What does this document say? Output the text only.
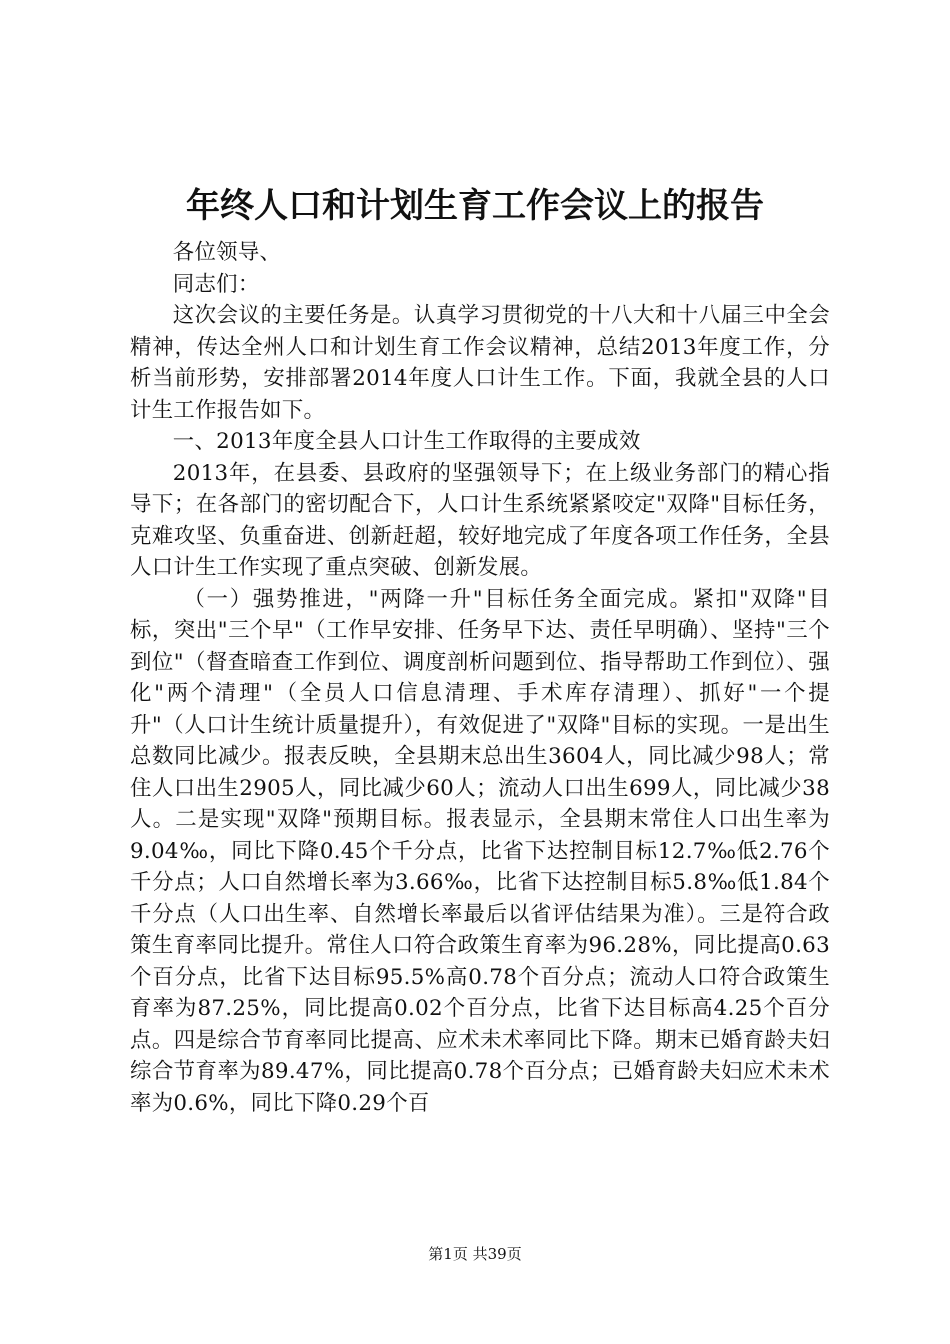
年终人口和计划生育工作会议上的报告

各位领导、

同志们：

这次会议的主要任务是。认真学习贯彻党的十八大和十八届三中全会精神，传达全州人口和计划生育工作会议精神，总结2013年度工作，分析当前形势，安排部署2014年度人口计生工作。下面，我就全县的人口计生工作报告如下。

一、2013年度全县人口计生工作取得的主要成效

2013年，在县委、县政府的坚强领导下；在上级业务部门的精心指导下；在各部门的密切配合下，人口计生系统紧紧咬定"双降"目标任务，克难攻坚、负重奋进、创新赶超，较好地完成了年度各项工作任务，全县人口计生工作实现了重点突破、创新发展。

（一）强势推进，"两降一升"目标任务全面完成。紧扣"双降"目标，突出"三个早"（工作早安排、任务早下达、责任早明确）、坚持"三个到位"（督查暗查工作到位、调度剖析问题到位、指导帮助工作到位）、强化"两个清理"（全员人口信息清理、手术库存清理）、抓好"一个提升"（人口计生统计质量提升），有效促进了"双降"目标的实现。一是出生总数同比减少。报表反映，全县期末总出生3604人，同比减少98人；常住人口出生2905人，同比减少60人；流动人口出生699人，同比减少38人。二是实现"双降"预期目标。报表显示，全县期末常住人口出生率为9.04‰，同比下降0.45个千分点，比省下达控制目标12.7‰低2.76个千分点；人口自然增长率为3.66‰，比省下达控制目标5.8‰低1.84个千分点（人口出生率、自然增长率最后以省评估结果为准）。三是符合政策生育率同比提升。常住人口符合政策生育率为96.28%，同比提高0.63个百分点，比省下达目标95.5%高0.78个百分点；流动人口符合政策生育率为87.25%，同比提高0.02个百分点，比省下达目标高4.25个百分点。四是综合节育率同比提高、应术未术率同比下降。期末已婚育龄夫妇综合节育率为89.47%，同比提高0.78个百分点；已婚育龄夫妇应术未术率为0.6%，同比下降0.29个百

第1页 共39页
